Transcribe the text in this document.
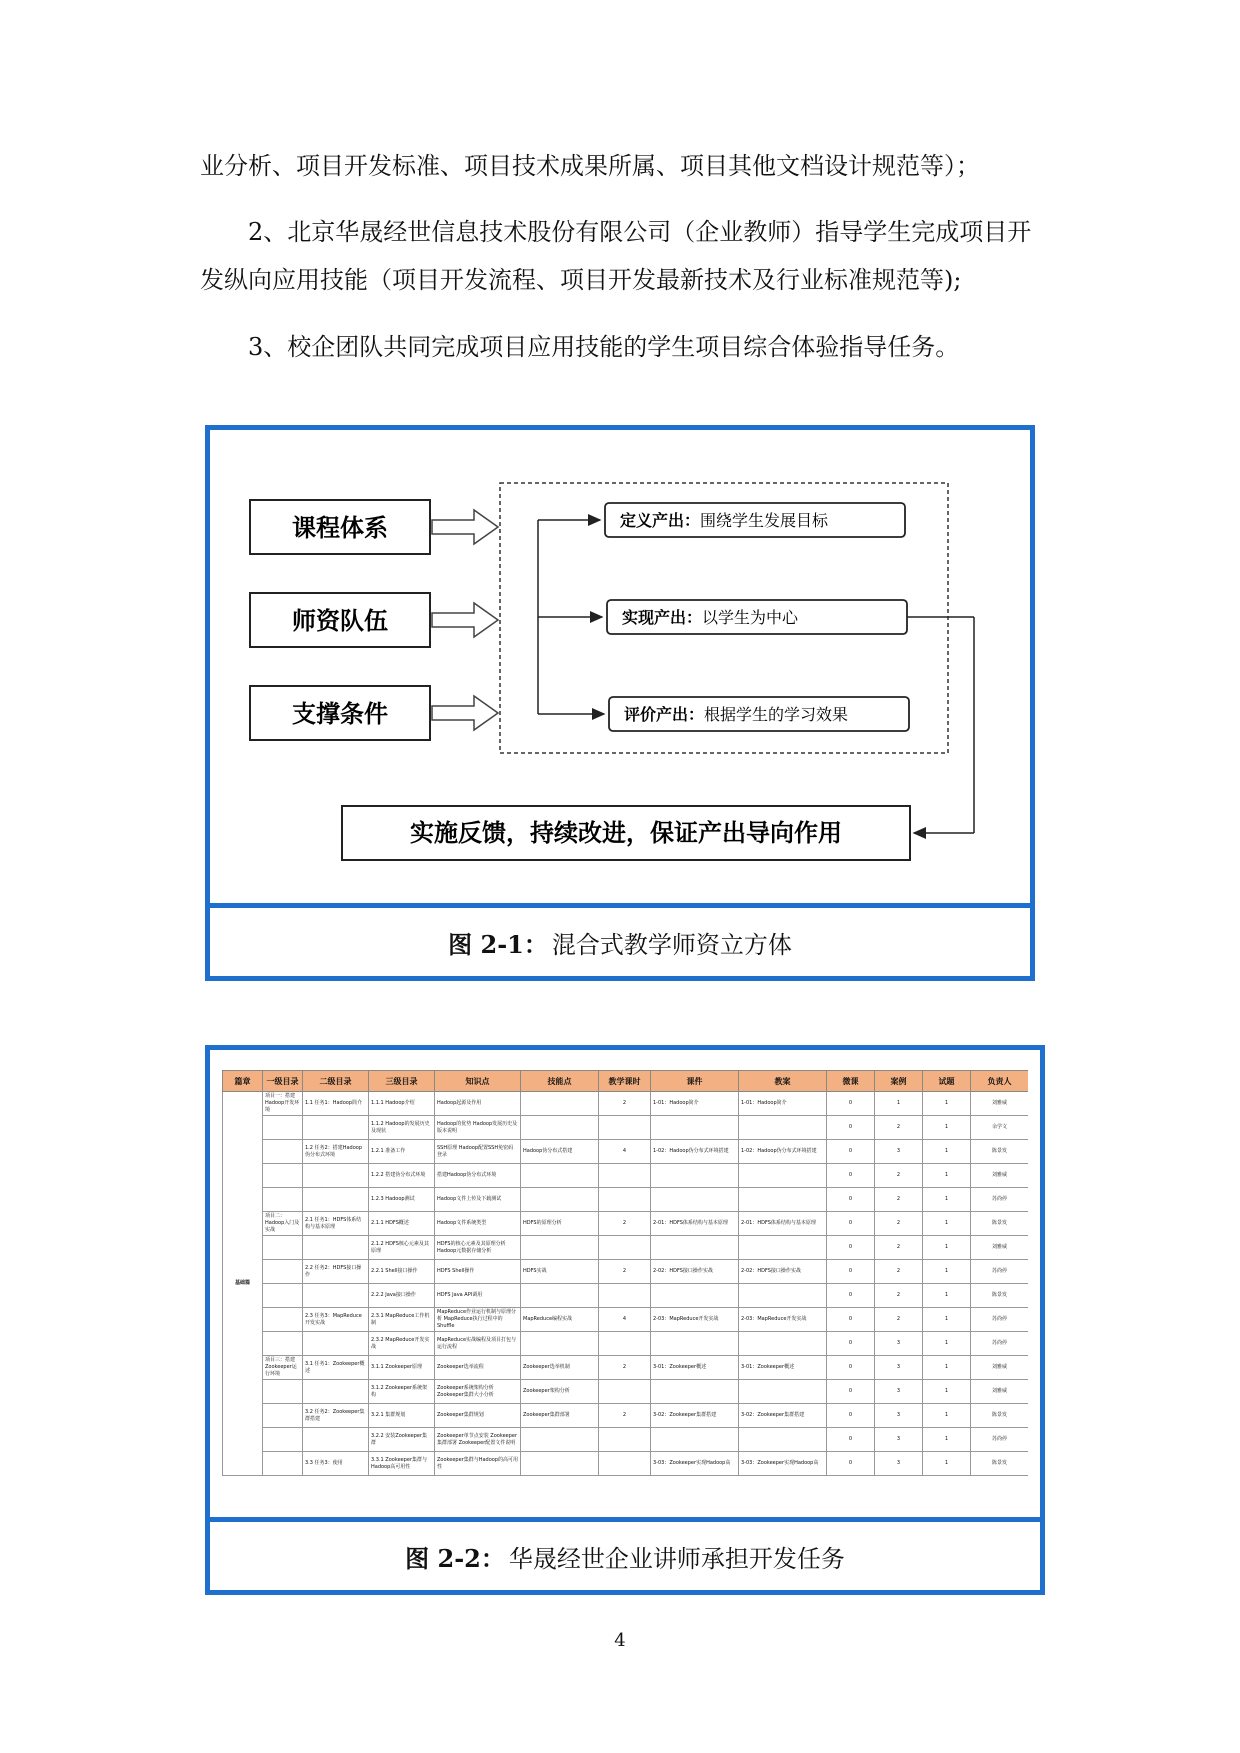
业分析、项目开发标准、项目技术成果所属、项目其他文档设计规范等）；
2、北京华晟经世信息技术股份有限公司（企业教师）指导学生完成项目开发纵向应用技能（项目开发流程、项目开发最新技术及行业标准规范等);
3、校企团队共同完成项目应用技能的学生项目综合体验指导任务。
课程体系
师资队伍
支撑条件
定义产出：围绕学生发展目标
实现产出：以学生为中心
评价产出：根据学生的学习效果
实施反馈，持续改进，保证产出导向作用
图 2-1： 混合式教学师资立方体
篇章	一级目录	二级目录	三级目录	知识点	技能点	教学课时	课件	教案	微课	案例	试题	负责人
基础篇	项目一：搭建Hadoop开发环境	1.1 任务1：Hadoop简介	1.1.1 Hadoop介绍	Hadoop起源及作用		2	1-01：Hadoop简介	1-01：Hadoop简介	0	1	1	刘雅威
			1.1.2 Hadoop的发展历史及现状	Hadoop的优势 Hadoop发展历史及版本说明					0	2	1	余学文
		1.2 任务2：搭建Hadoop伪分布式环境	1.2.1 准备工作	SSH原理 Hadoop配置SSH免密码登录	Hadoop伪分布式搭建	4	1-02：Hadoop伪分布式环境搭建	1-02：Hadoop伪分布式环境搭建	0	3	1	陈景发
			1.2.2 搭建伪分布式环境	搭建Hadoop伪分布式环境					0	2	1	刘雅威
			1.2.3 Hadoop测试	Hadoop文件上传及下载测试					0	2	1	苏尚停
	项目二：Hadoop入门及实战	2.1 任务1：HDFS体系结构与基本原理	2.1.1 HDFS概述	Hadoop文件系统类型	HDFS的原理分析	2	2-01：HDFS体系结构与基本原理	2-01：HDFS体系结构与基本原理	0	2	1	陈景发
			2.1.2 HDFS核心元素及其原理	HDFS的核心元素及其原理分析 Hadoop元数据存储分析					0	2	1	刘雅威
		2.2 任务2：HDFS接口操作	2.2.1 Shell接口操作	HDFS Shell操作	HDFS实战	2	2-02：HDFS接口操作实战	2-02：HDFS接口操作实战	0	2	1	苏尚停
			2.2.2 Java接口操作	HDFS Java API调用					0	2	1	陈景发
		2.3 任务3：MapReduce开发实战	2.3.1 MapReduce工作机制	MapReduce作业运行机制与原理分析 MapReduce执行过程中的Shuffle	MapReduce编程实战	4	2-03：MapReduce开发实战	2-03：MapReduce开发实战	0	2	1	苏尚停
			2.3.2 MapReduce开发实战	MapReduce实战编程及项目打包与运行流程					0	3	1	苏尚停
	项目三：搭建Zookeeper运行环境	3.1 任务1：Zookeeper概述	3.1.1 Zookeeper原理	Zookeeper选举流程	Zookeeper选举机制	2	3-01：Zookeeper概述	3-01：Zookeeper概述	0	3	1	刘雅威
			3.1.2 Zookeeper系统架构	Zookeeper系统架构分析 Zookeeper集群大小分析	Zookeeper架构分析				0	3	1	刘雅威
		3.2 任务2：Zookeeper集群搭建	3.2.1 集群规划	Zookeeper集群规划	Zookeeper集群部署	2	3-02：Zookeeper集群搭建	3-02：Zookeeper集群搭建	0	3	1	陈景发
			3.2.2 安装Zookeeper集群	Zookeeper单节点安装 Zookeeper集群部署 Zookeeper配置文件说明					0	3	1	苏尚停
		3.3 任务3：使用	3.3.1 Zookeeper集群与Hadoop高可用性	Zookeeper集群与Hadoop的高可用性			3-03：Zookeeper实现Hadoop高	3-03：Zookeeper实现Hadoop高	0	3	1	陈景发
图 2-2： 华晟经世企业讲师承担开发任务
4
